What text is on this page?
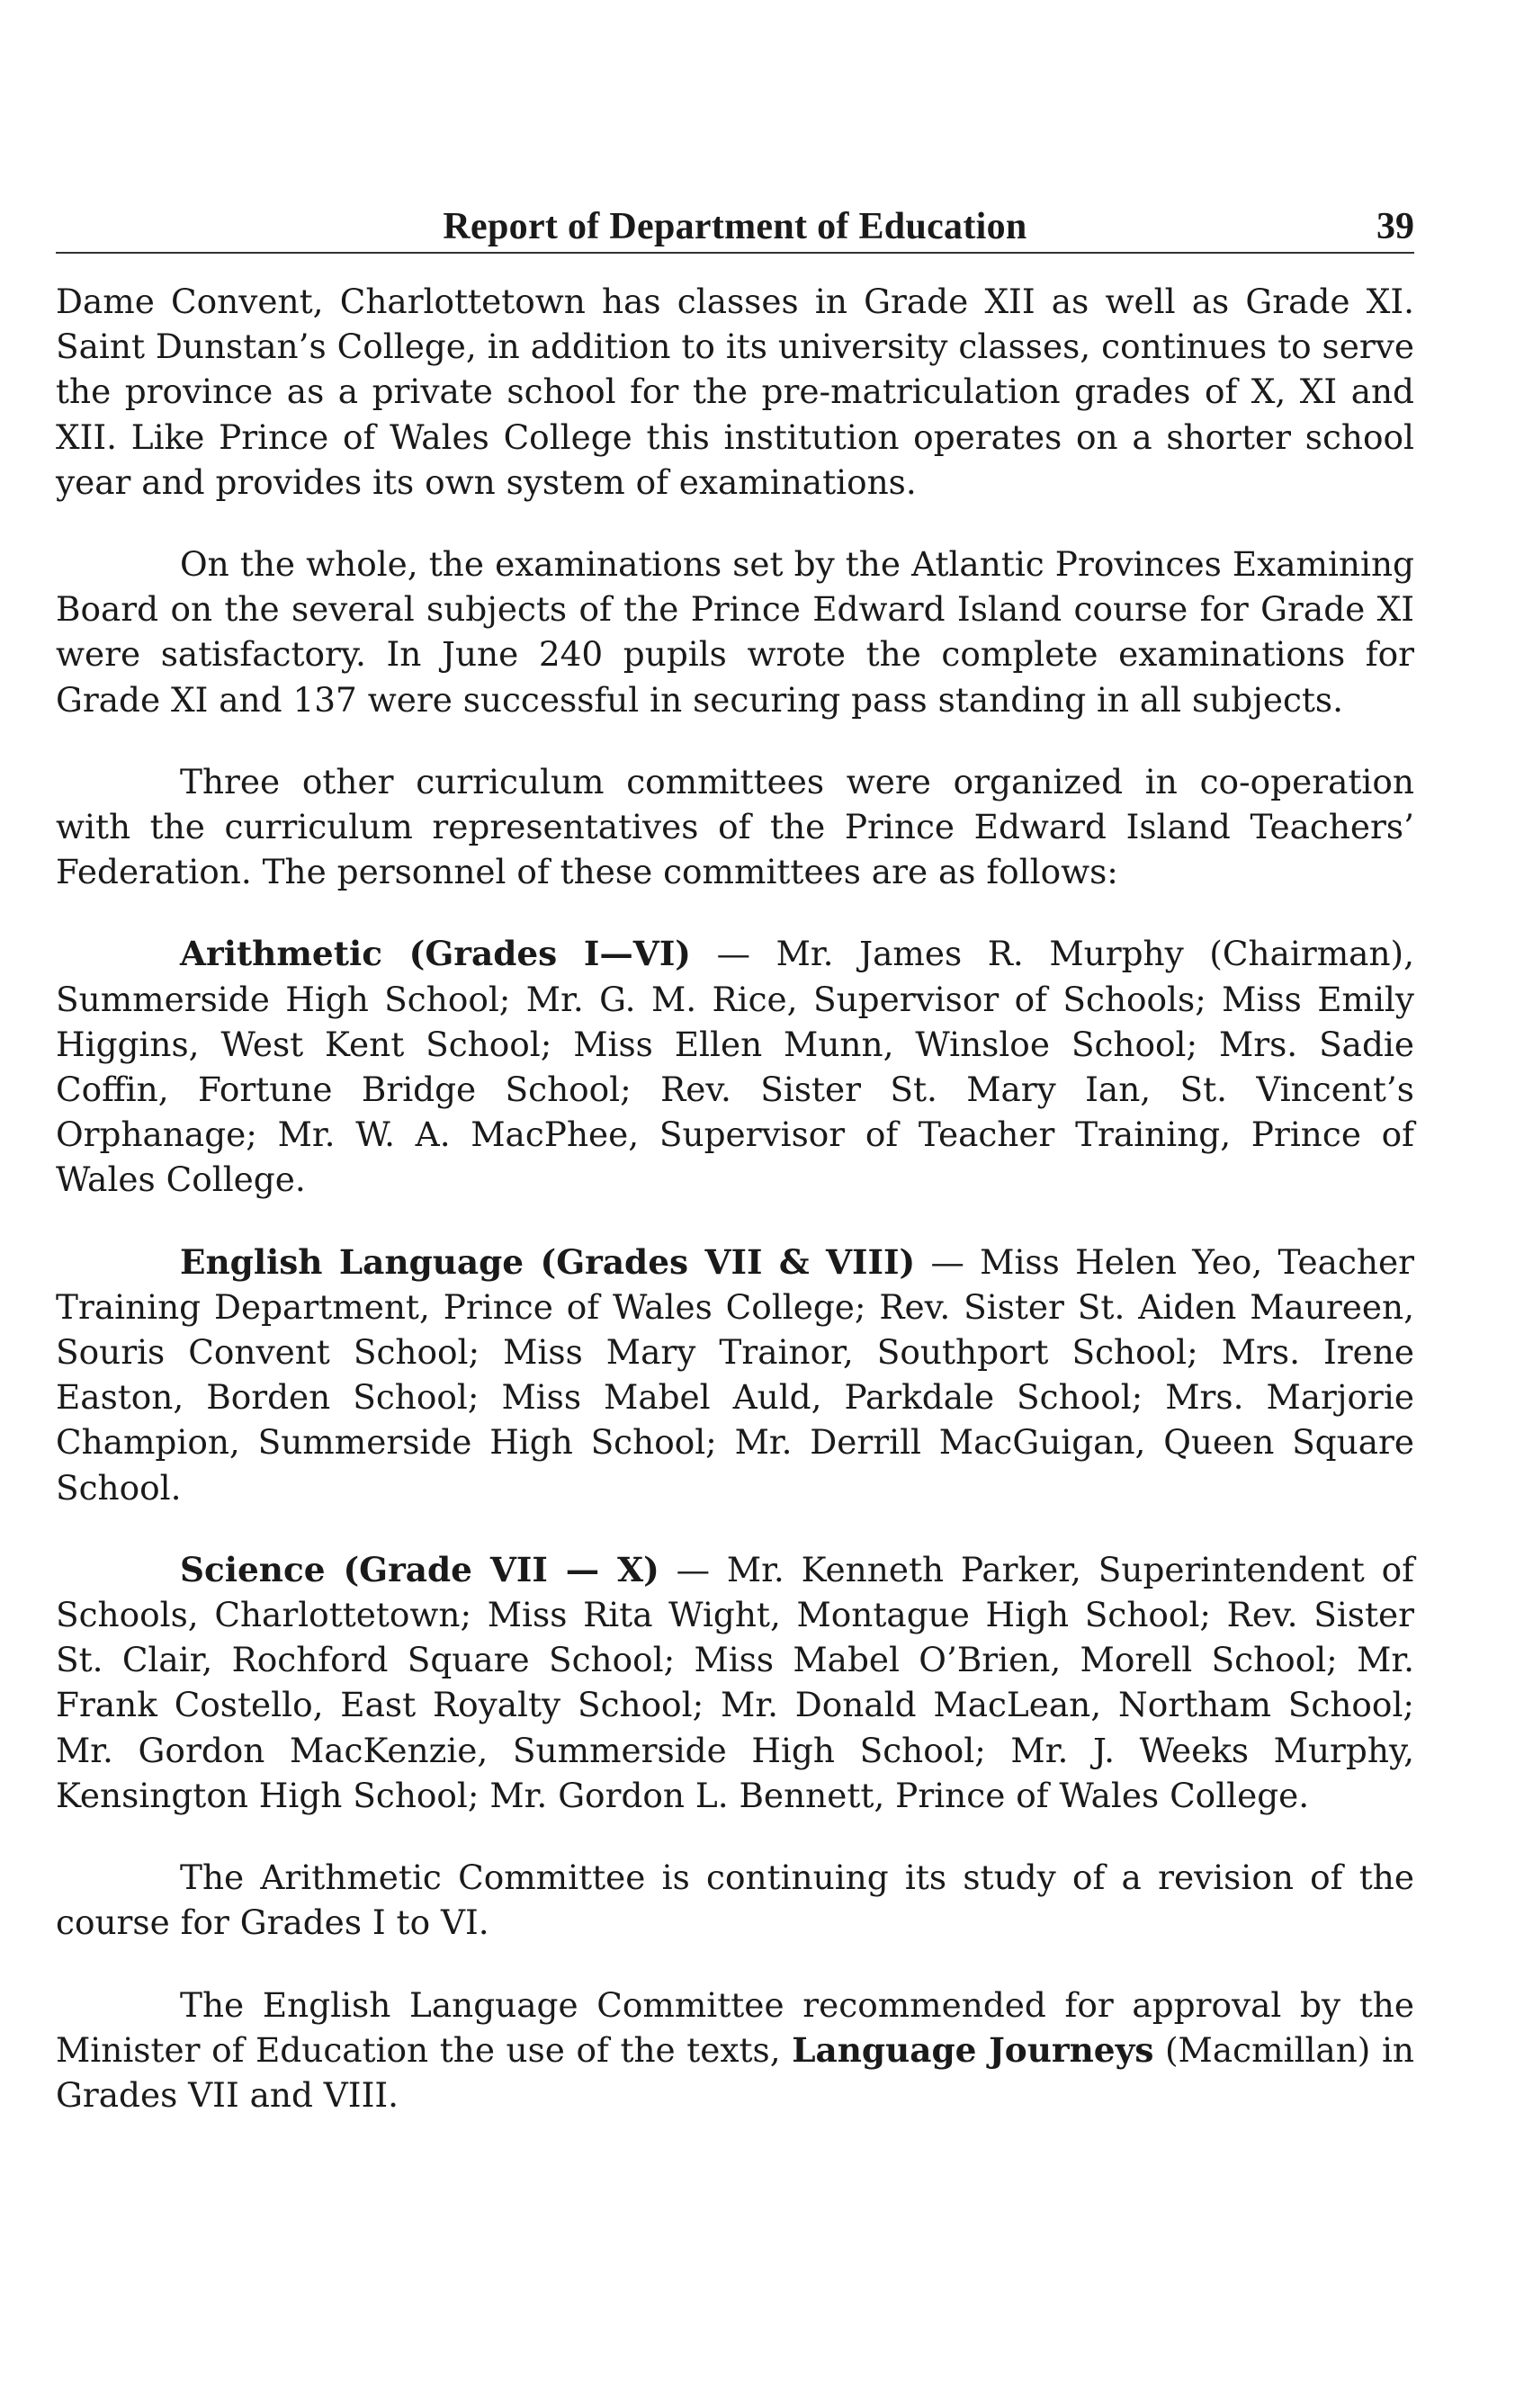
Report of Department of Education	39

Dame Convent, Charlottetown has classes in Grade XII as well as Grade XI. Saint Dunstan’s College, in addition to its university classes, continues to serve the province as a private school for the pre-matriculation grades of X, XI and XII. Like Prince of Wales College this institution operates on a shorter school year and provides its own system of examinations.

On the whole, the examinations set by the Atlantic Provinces Examining Board on the several subjects of the Prince Edward Island course for Grade XI were satisfactory. In June 240 pupils wrote the complete examinations for Grade XI and 137 were successful in securing pass standing in all subjects.

Three other curriculum committees were organized in co-operation with the curriculum representatives of the Prince Edward Island Teachers’ Federation. The personnel of these committees are as follows:

Arithmetic (Grades I—VI) — Mr. James R. Murphy (Chairman), Summerside High School; Mr. G. M. Rice, Supervisor of Schools; Miss Emily Higgins, West Kent School; Miss Ellen Munn, Winsloe School; Mrs. Sadie Coffin, Fortune Bridge School; Rev. Sister St. Mary Ian, St. Vincent’s Orphanage; Mr. W. A. MacPhee, Supervisor of Teacher Training, Prince of Wales College.

English Language (Grades VII & VIII) — Miss Helen Yeo, Teacher Training Department, Prince of Wales College; Rev. Sister St. Aiden Maureen, Souris Convent School; Miss Mary Trainor, Southport School; Mrs. Irene Easton, Borden School; Miss Mabel Auld, Parkdale School; Mrs. Marjorie Champion, Summerside High School; Mr. Derrill MacGuigan, Queen Square School.

Science (Grade VII — X) — Mr. Kenneth Parker, Superintendent of Schools, Charlottetown; Miss Rita Wight, Montague High School; Rev. Sister St. Clair, Rochford Square School; Miss Mabel O’Brien, Morell School; Mr. Frank Costello, East Royalty School; Mr. Donald MacLean, Northam School; Mr. Gordon MacKenzie, Summerside High School; Mr. J. Weeks Murphy, Kensington High School; Mr. Gordon L. Bennett, Prince of Wales College.

The Arithmetic Committee is continuing its study of a revision of the course for Grades I to VI.

The English Language Committee recommended for approval by the Minister of Education the use of the texts, Language Journeys (Macmillan) in Grades VII and VIII.
